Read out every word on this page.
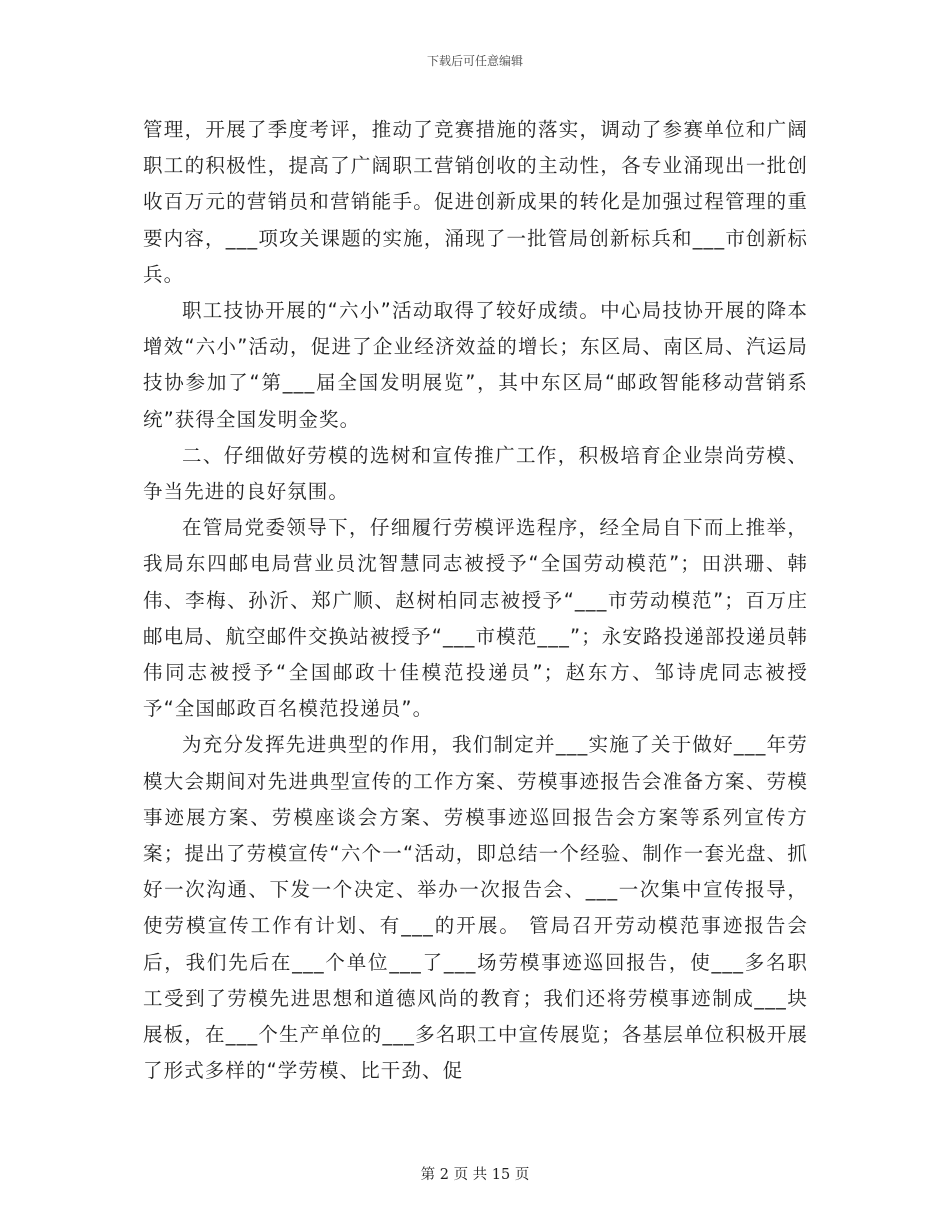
下载后可任意编辑

管理，开展了季度考评，推动了竞赛措施的落实，调动了参赛单位和广阔职工的积极性，提高了广阔职工营销创收的主动性，各专业涌现出一批创收百万元的营销员和营销能手。促进创新成果的转化是加强过程管理的重要内容，___项攻关课题的实施，涌现了一批管局创新标兵和___市创新标兵。

职工技协开展的“六小”活动取得了较好成绩。中心局技协开展的降本增效“六小”活动，促进了企业经济效益的增长；东区局、南区局、汽运局技协参加了“第___届全国发明展览”，其中东区局“邮政智能移动营销系统”获得全国发明金奖。

二、仔细做好劳模的选树和宣传推广工作，积极培育企业崇尚劳模、争当先进的良好氛围。

在管局党委领导下，仔细履行劳模评选程序，经全局自下而上推举，我局东四邮电局营业员沈智慧同志被授予“全国劳动模范”；田洪珊、韩伟、李梅、孙沂、郑广顺、赵树柏同志被授予“___市劳动模范”；百万庄邮电局、航空邮件交换站被授予“___市模范___”；永安路投递部投递员韩伟同志被授予“全国邮政十佳模范投递员”；赵东方、邹诗虎同志被授予“全国邮政百名模范投递员”。

为充分发挥先进典型的作用，我们制定并___实施了关于做好___年劳模大会期间对先进典型宣传的工作方案、劳模事迹报告会准备方案、劳模事迹展方案、劳模座谈会方案、劳模事迹巡回报告会方案等系列宣传方案；提出了劳模宣传“六个一“活动，即总结一个经验、制作一套光盘、抓好一次沟通、下发一个决定、举办一次报告会、___一次集中宣传报导，使劳模宣传工作有计划、有___的开展。 管局召开劳动模范事迹报告会后，我们先后在___个单位___了___场劳模事迹巡回报告，使___多名职工受到了劳模先进思想和道德风尚的教育；我们还将劳模事迹制成___块展板，在___个生产单位的___多名职工中宣传展览；各基层单位积极开展了形式多样的“学劳模、比干劲、促

第 2 页 共 15 页
